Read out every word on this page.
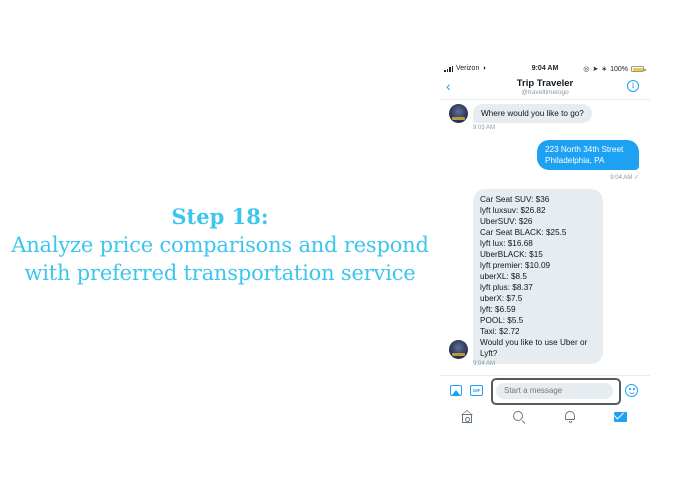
Step 18:
Analyze price comparisons and respond
with preferred transportation service
Verizon ◗	9:04 AM	◎ ➤ ∗ 100%
‹	Trip Traveler
@traveltimetogo
i
Where would you like to go?
9:03 AM
223 North 34th Street
Philadelphia, PA
9:04 AM ✓
Car Seat SUV: $36
lyft luxsuv: $26.82
UberSUV: $26
Car Seat BLACK: $25.5
lyft lux: $16.68
UberBLACK: $15
lyft premier: $10.09
uberXL: $8.5
lyft plus: $8.37
uberX: $7.5
lyft: $6.59
POOL: $5.5
Taxi: $2.72
Would you like to use Uber or
Lyft?
9:04 AM
GIF
Start a message
